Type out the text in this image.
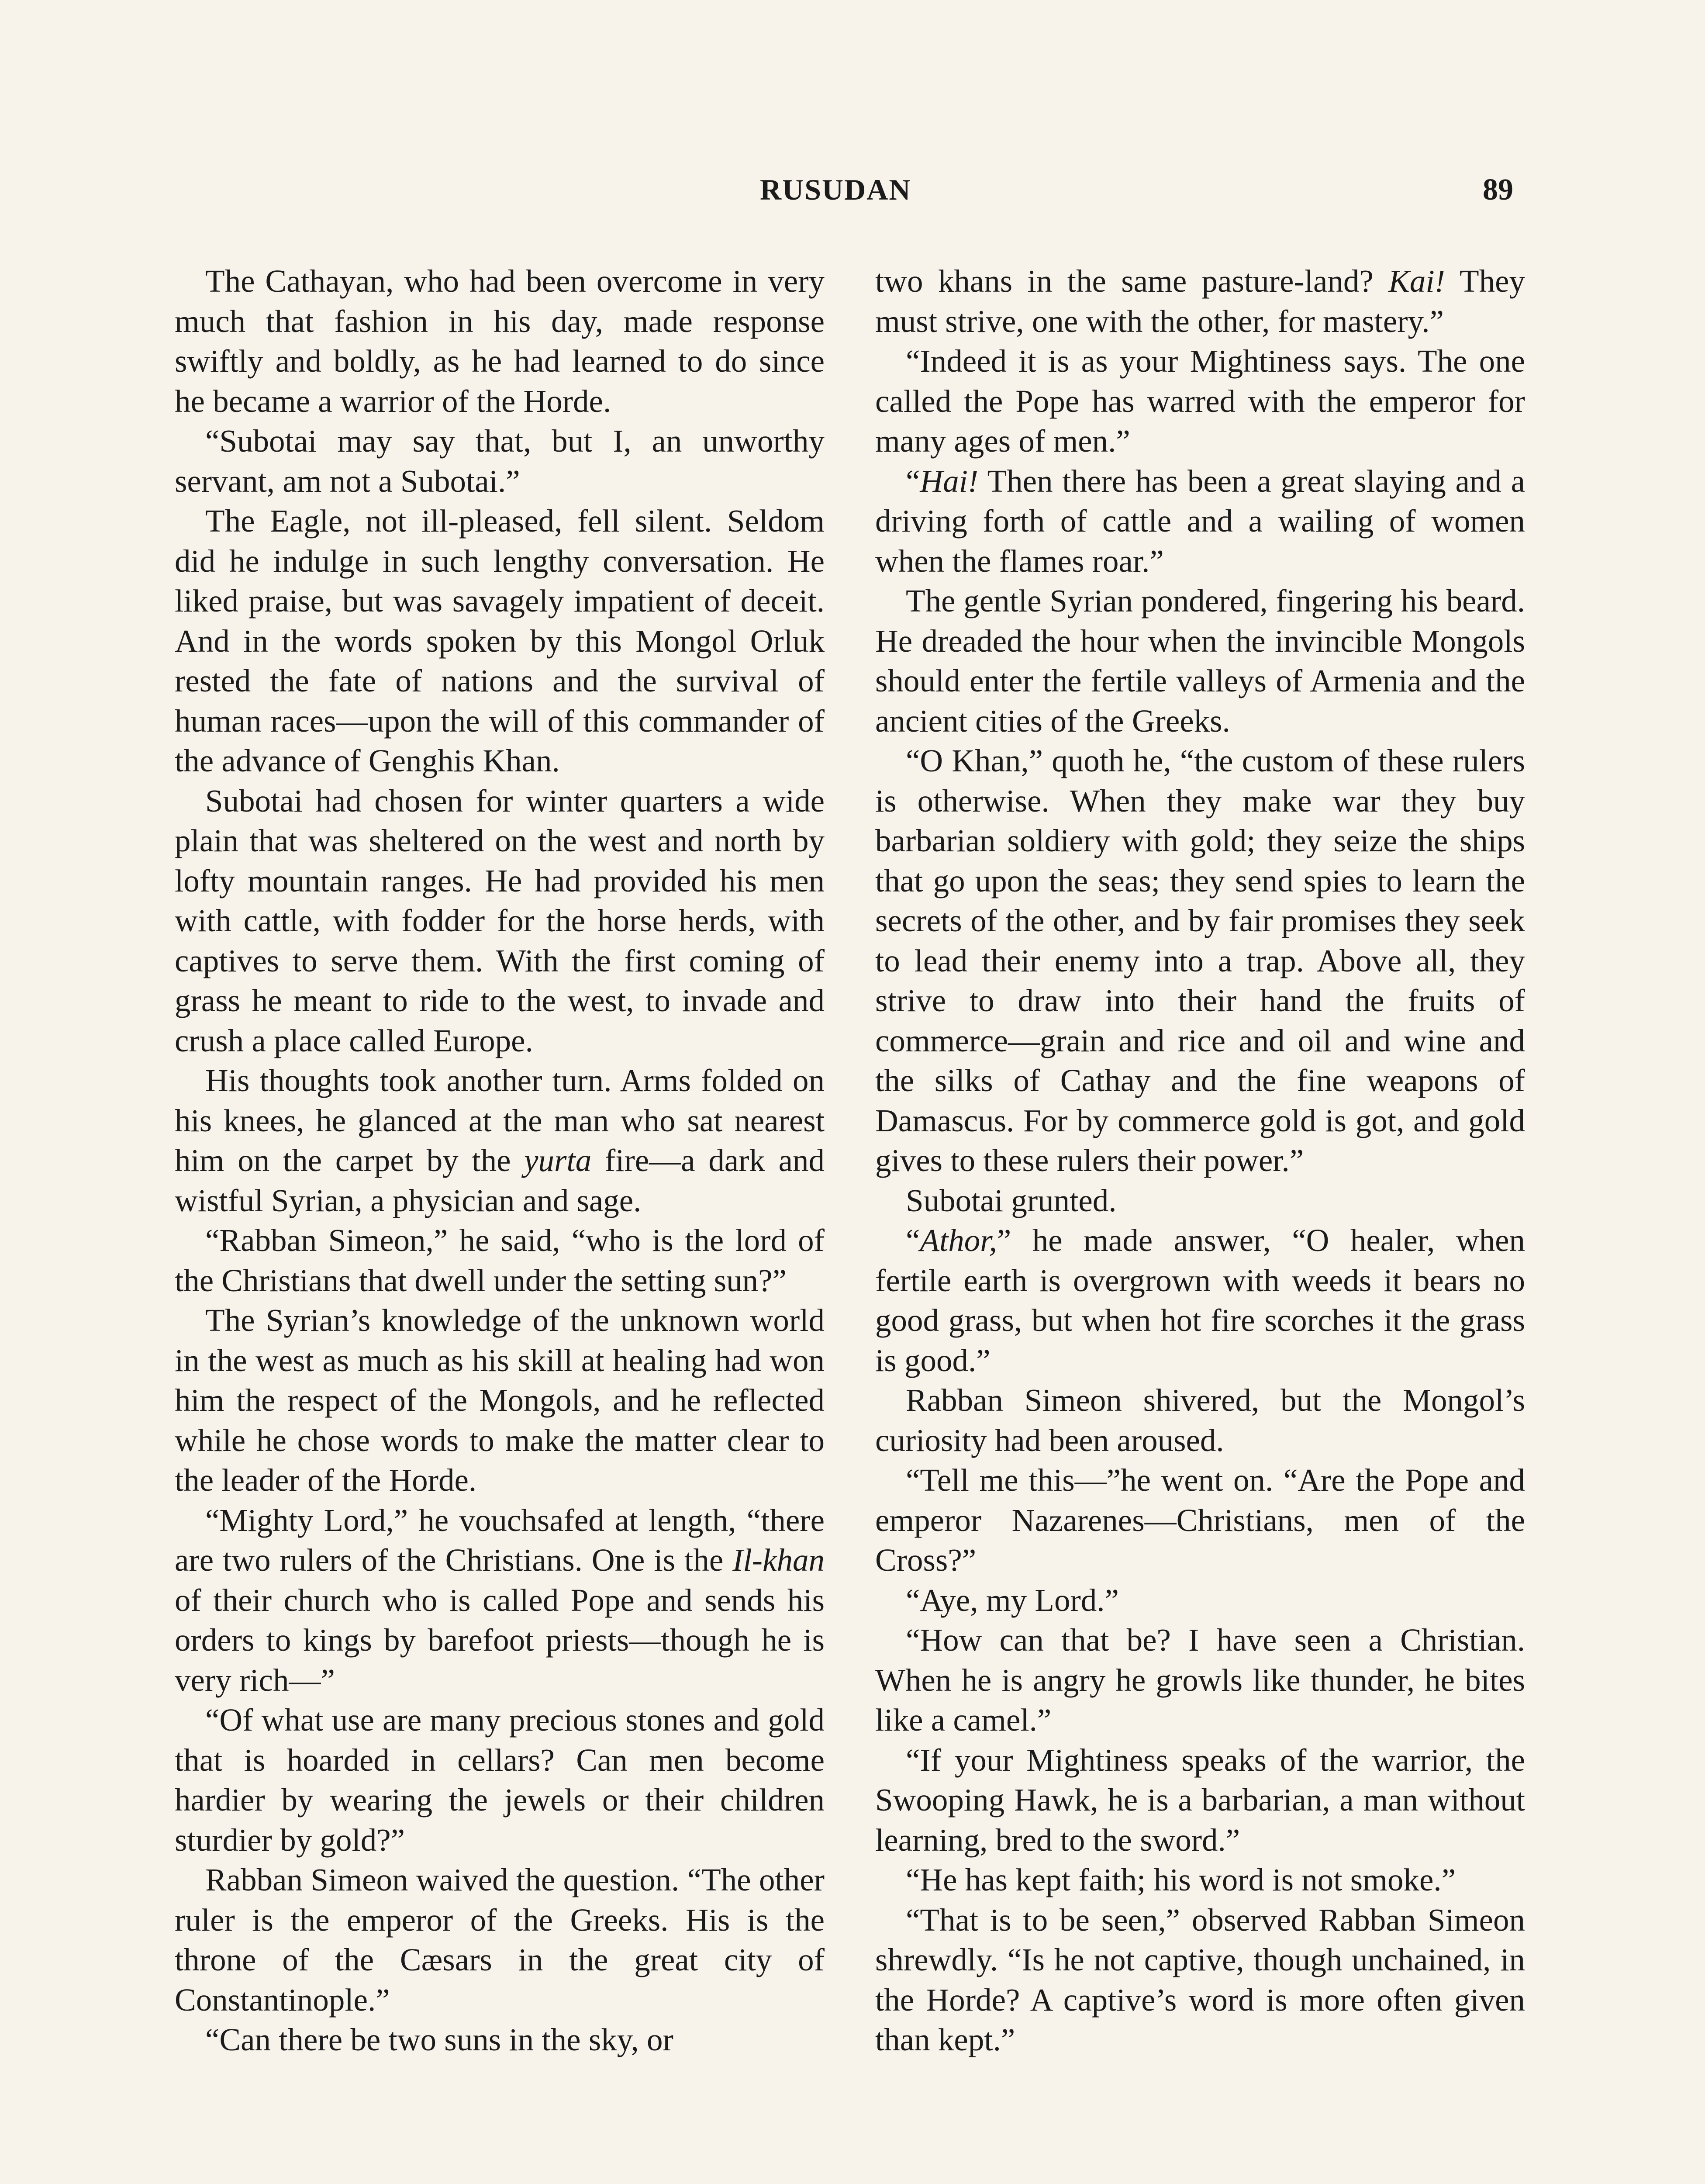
RUSUDAN	89

The Cathayan, who had been overcome in very much that fashion in his day, made response swiftly and boldly, as he had learned to do since he became a warrior of the Horde.

“Subotai may say that, but I, an unworthy servant, am not a Subotai.”

The Eagle, not ill-pleased, fell silent. Seldom did he indulge in such lengthy conversation. He liked praise, but was savagely impatient of deceit. And in the words spoken by this Mongol Orluk rested the fate of nations and the survival of human races—upon the will of this commander of the advance of Genghis Khan.

Subotai had chosen for winter quarters a wide plain that was sheltered on the west and north by lofty mountain ranges. He had provided his men with cattle, with fodder for the horse herds, with captives to serve them. With the first coming of grass he meant to ride to the west, to invade and crush a place called Europe.

His thoughts took another turn. Arms folded on his knees, he glanced at the man who sat nearest him on the carpet by the yurta fire—a dark and wistful Syrian, a physician and sage.

“Rabban Simeon,” he said, “who is the lord of the Christians that dwell under the setting sun?”

The Syrian’s knowledge of the unknown world in the west as much as his skill at healing had won him the respect of the Mongols, and he reflected while he chose words to make the matter clear to the leader of the Horde.

“Mighty Lord,” he vouchsafed at length, “there are two rulers of the Christians. One is the Il-khan of their church who is called Pope and sends his orders to kings by barefoot priests—though he is very rich—”

“Of what use are many precious stones and gold that is hoarded in cellars? Can men become hardier by wearing the jewels or their children sturdier by gold?”

Rabban Simeon waived the question. “The other ruler is the emperor of the Greeks. His is the throne of the Cæsars in the great city of Constantinople.”

“Can there be two suns in the sky, or

two khans in the same pasture-land? Kai! They must strive, one with the other, for mastery.”

“Indeed it is as your Mightiness says. The one called the Pope has warred with the emperor for many ages of men.”

“Hai! Then there has been a great slaying and a driving forth of cattle and a wailing of women when the flames roar.”

The gentle Syrian pondered, fingering his beard. He dreaded the hour when the invincible Mongols should enter the fertile valleys of Armenia and the ancient cities of the Greeks.

“O Khan,” quoth he, “the custom of these rulers is otherwise. When they make war they buy barbarian soldiery with gold; they seize the ships that go upon the seas; they send spies to learn the secrets of the other, and by fair promises they seek to lead their enemy into a trap. Above all, they strive to draw into their hand the fruits of commerce—grain and rice and oil and wine and the silks of Cathay and the fine weapons of Damascus. For by commerce gold is got, and gold gives to these rulers their power.”

Subotai grunted.

“Athor,” he made answer, “O healer, when fertile earth is overgrown with weeds it bears no good grass, but when hot fire scorches it the grass is good.”

Rabban Simeon shivered, but the Mongol’s curiosity had been aroused.

“Tell me this—”he went on. “Are the Pope and emperor Nazarenes—Christians, men of the Cross?”

“Aye, my Lord.”

“How can that be? I have seen a Christian. When he is angry he growls like thunder, he bites like a camel.”

“If your Mightiness speaks of the warrior, the Swooping Hawk, he is a barbarian, a man without learning, bred to the sword.”

“He has kept faith; his word is not smoke.”

“That is to be seen,” observed Rabban Simeon shrewdly. “Is he not captive, though unchained, in the Horde? A captive’s word is more often given than kept.”
